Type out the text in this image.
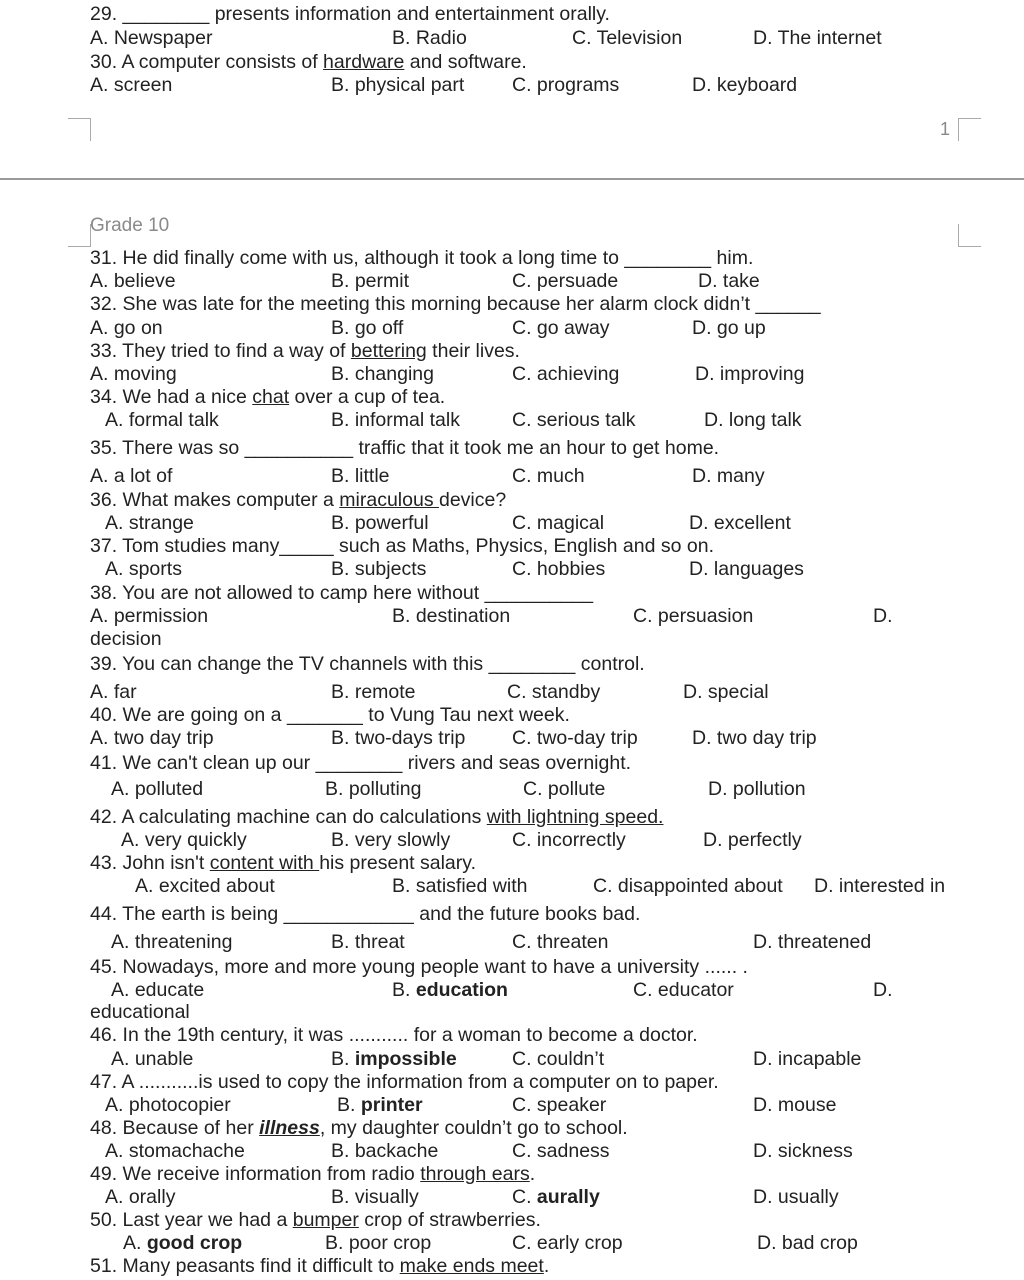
29. ________ presents information and entertainment orally.
A. Newspaper	B. Radio	C. Television	D. The internet
30. A computer consists of hardware and software.
A. screen	B. physical part C. programs	D. keyboard
1
Grade 10
31. He did finally come with us, although it took a long time to ________ him.
A. believe	B. permit	C. persuade	D. take
32. She was late for the meeting this morning because her alarm clock didn’t ______
A. go on	B. go off	C. go away	D. go up
33. They tried to find a way of bettering their lives.
A. moving	B. changing	C. achieving	D. improving
34. We had a nice chat over a cup of tea.
A. formal talk	B. informal talk	C. serious talk	D. long talk
35. There was so __________ traffic that it took me an hour to get home.
A. a lot of	B. little	C. much	D. many
36. What makes computer a miraculous device?
A. strange	B. powerful	C. magical	D. excellent
37. Tom studies many_____ such as Maths, Physics, English and so on.
A. sports	B. subjects	C. hobbies	D. languages
38. You are not allowed to camp here without __________
A. permission	B. destination	C. persuasion	D.
decision
39. You can change the TV channels with this ________ control.
A. far	B. remote	C. standby	D. special
40. We are going on a _______ to Vung Tau next week.
A. two day trip	B. two-days trip C. two-day trip	D. two day trip
41. We can't clean up our ________ rivers and seas overnight.
A. polluted	B. polluting	C. pollute	D. pollution
42. A calculating machine can do calculations with lightning speed.
A. very quickly	B. very slowly	C. incorrectly	D. perfectly
43. John isn't content with his present salary.
A. excited about	B. satisfied with	C. disappointed about D. interested in
44. The earth is being ____________ and the future books bad.
A. threatening	B. threat	C. threaten	D. threatened
45. Nowadays, more and more young people want to have a university ...... .
A. educate	B. education	C. educator	D.
educational
46. In the 19th century, it was ........... for a woman to become a doctor.
A. unable	B. impossible	C. couldn’t	D. incapable
47. A ...........is used to copy the information from a computer on to paper.
A. photocopier	B. printer	C. speaker	D. mouse
48. Because of her illness, my daughter couldn’t go to school.
A. stomachache	B. backache	C. sadness	D. sickness
49. We receive information from radio through ears.
A. orally	B. visually	C. aurally	D. usually
50. Last year we had a bumper crop of strawberries.
A. good crop	B. poor crop	C. early crop	D. bad crop
51. Many peasants find it difficult to make ends meet.
